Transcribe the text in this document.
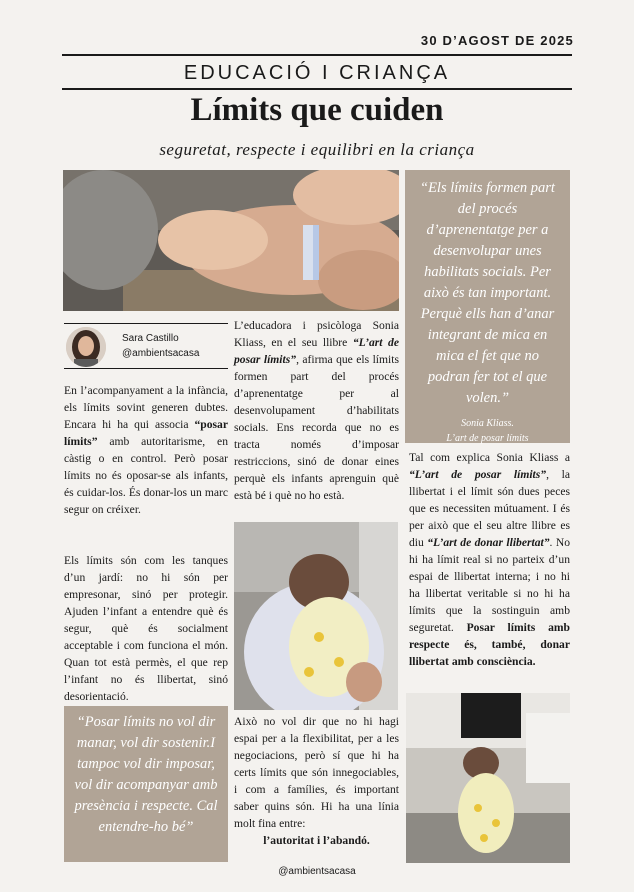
30 D’AGOST DE 2025
EDUCACIÓ I CRIANÇA
Límits que cuiden
seguretat, respecte i equilibri en la criança
Sara Castillo
@ambientsacasa

En l’acompanyament a la infància, els límits sovint generen dubtes. Encara hi ha qui associa “posar límits” amb autoritarisme, en càstig o en control. Però posar límits no és oposar-se als infants, és cuidar-los. És donar-los un marc segur on créixer.

Els límits són com les tanques d’un jardí: no hi són per empresonar, sinó per protegir. Ajuden l’infant a entendre què és segur, què és socialment acceptable i com funciona el món. Quan tot està permès, el que rep l’infant no és llibertat, sinó desorientació.

“Posar límits no vol dir manar, vol dir sostenir.I tampoc vol dir imposar, vol dir acompanyar amb presència i respecte. Cal entendre-ho bé”

L’educadora i psicòloga Sonia Kliass, en el seu llibre “L’art de posar límits”, afirma que els límits formen part del procés d’aprenentatge per al desenvolupament d’habilitats socials. Ens recorda que no es tracta només d’imposar restriccions, sinó de donar eines perquè els infants aprenguin què està bé i què no ho està.

Això no vol dir que no hi hagi espai per a la flexibilitat, per a les negociacions, però sí que hi ha certs límits que són innegociables, i com a famílies, és important saber quins són. Hi ha una línia molt fina entre:

l’autoritat i l’abandó.

“Els límits formen part del procés d’aprenentatge per a desenvolupar unes habilitats socials. Per això és tan important. Perquè ells han d’anar integrant de mica en mica el fet que no podran fer tot el que volen.”
Sonia Kliass.
L’art de posar límits

Tal com explica Sonia Kliass a “L’art de posar límits”, la llibertat i el límit són dues peces que es necessiten mútuament. I és per això que el seu altre llibre es diu “L’art de donar llibertat”. No hi ha límit real si no parteix d’un espai de llibertat interna; i no hi ha llibertat veritable si no hi ha límits que la sostinguin amb seguretat. Posar límits amb respecte és, també, donar llibertat amb consciència.

@ambientsacasa
